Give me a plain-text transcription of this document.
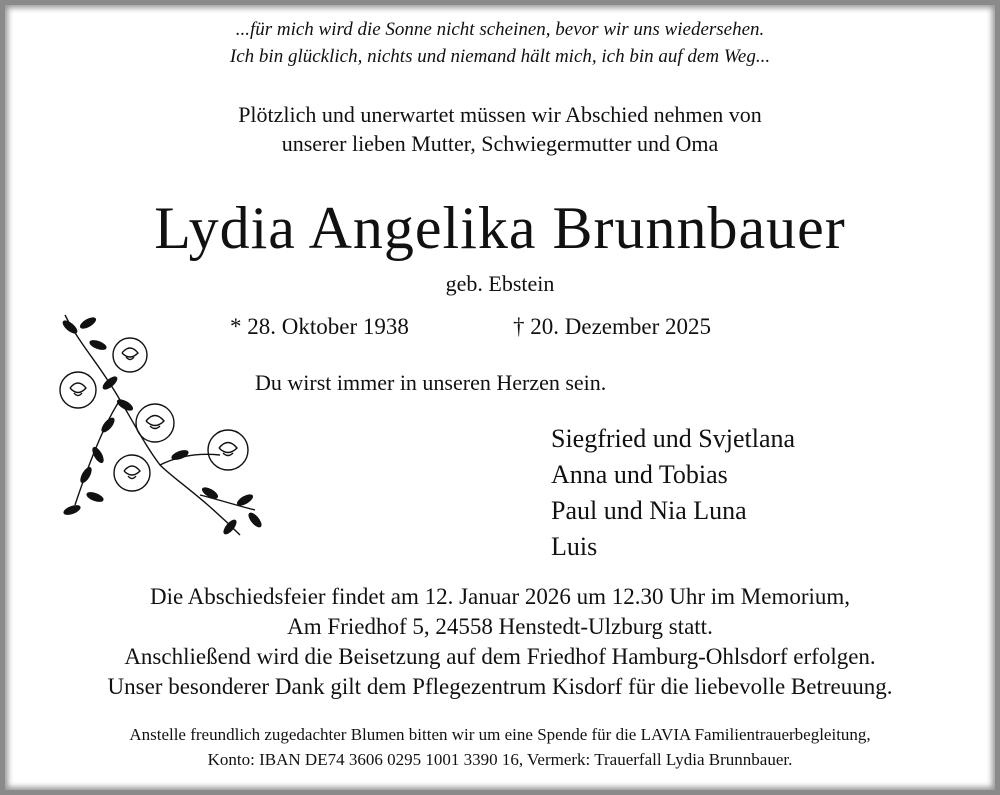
...für mich wird die Sonne nicht scheinen, bevor wir uns wiedersehen.
Ich bin glücklich, nichts und niemand hält mich, ich bin auf dem Weg...
Plötzlich und unerwartet müssen wir Abschied nehmen von
unserer lieben Mutter, Schwiegermutter und Oma
Lydia Angelika Brunnbauer
geb. Ebstein
* 28. Oktober 1938	† 20. Dezember 2025
Du wirst immer in unseren Herzen sein.
Siegfried und Svjetlana
Anna und Tobias
Paul und Nia Luna
Luis
Die Abschiedsfeier findet am 12. Januar 2026 um 12.30 Uhr im Memorium,
Am Friedhof 5, 24558 Henstedt-Ulzburg statt.
Anschließend wird die Beisetzung auf dem Friedhof Hamburg-Ohlsdorf erfolgen.
Unser besonderer Dank gilt dem Pflegezentrum Kisdorf für die liebevolle Betreuung.
Anstelle freundlich zugedachter Blumen bitten wir um eine Spende für die LAVIA Familientrauerbegleitung,
Konto: IBAN DE74 3606 0295 1001 3390 16, Vermerk: Trauerfall Lydia Brunnbauer.
